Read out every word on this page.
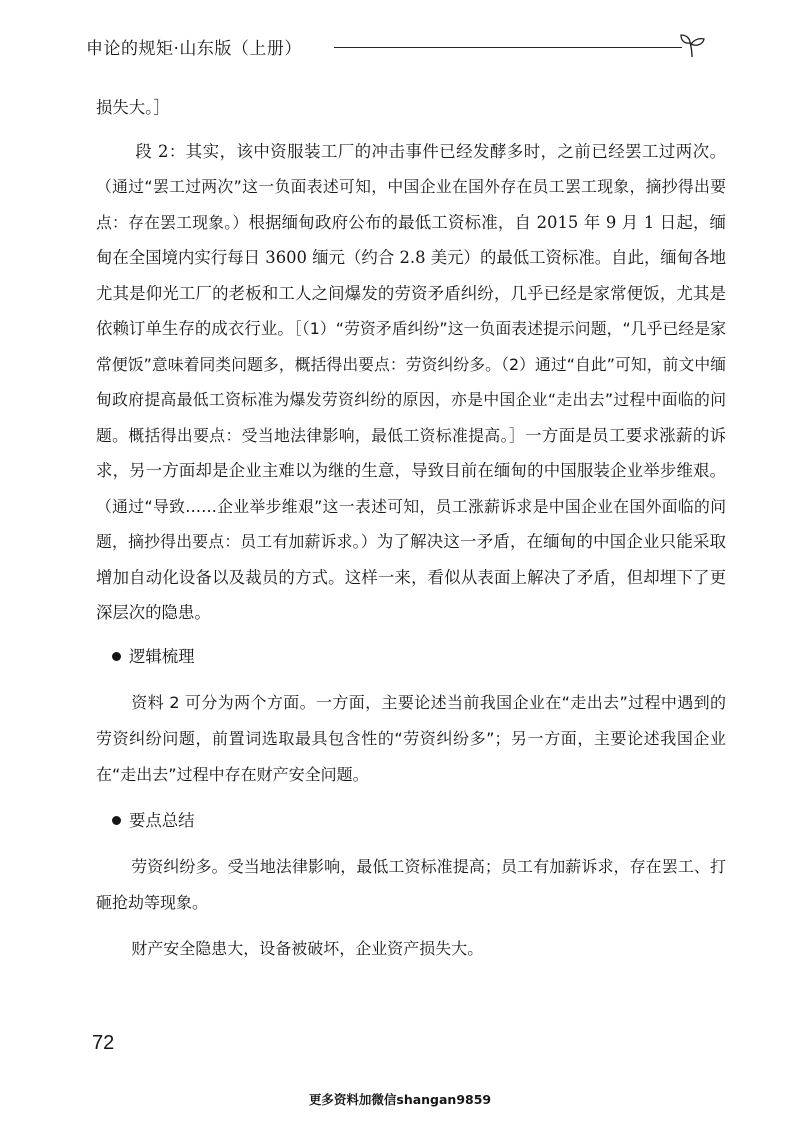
申论的规矩·山东版（上册）

损失大。］

段 2：其实，该中资服装工厂的冲击事件已经发酵多时，之前已经罢工过两次。（通过“罢工过两次”这一负面表述可知，中国企业在国外存在员工罢工现象，摘抄得出要点：存在罢工现象。）根据缅甸政府公布的最低工资标准，自 2015 年 9 月 1 日起，缅甸在全国境内实行每日 3600 缅元（约合 2.8 美元）的最低工资标准。自此，缅甸各地尤其是仰光工厂的老板和工人之间爆发的劳资矛盾纠纷，几乎已经是家常便饭，尤其是依赖订单生存的成衣行业。［（1）“劳资矛盾纠纷”这一负面表述提示问题，“几乎已经是家常便饭”意味着同类问题多，概括得出要点：劳资纠纷多。（2）通过“自此”可知，前文中缅甸政府提高最低工资标准为爆发劳资纠纷的原因，亦是中国企业“走出去”过程中面临的问题。概括得出要点：受当地法律影响，最低工资标准提高。］一方面是员工要求涨薪的诉求，另一方面却是企业主难以为继的生意，导致目前在缅甸的中国服装企业举步维艰。（通过“导致……企业举步维艰”这一表述可知，员工涨薪诉求是中国企业在国外面临的问题，摘抄得出要点：员工有加薪诉求。）为了解决这一矛盾，在缅甸的中国企业只能采取增加自动化设备以及裁员的方式。这样一来，看似从表面上解决了矛盾，但却埋下了更深层次的隐患。

逻辑梳理

资料 2 可分为两个方面。一方面，主要论述当前我国企业在“走出去”过程中遇到的劳资纠纷问题，前置词选取最具包含性的“劳资纠纷多”；另一方面，主要论述我国企业在“走出去”过程中存在财产安全问题。

要点总结

劳资纠纷多。受当地法律影响，最低工资标准提高；员工有加薪诉求，存在罢工、打砸抢劫等现象。

财产安全隐患大，设备被破坏，企业资产损失大。

72
更多资料加微信shangan9859
